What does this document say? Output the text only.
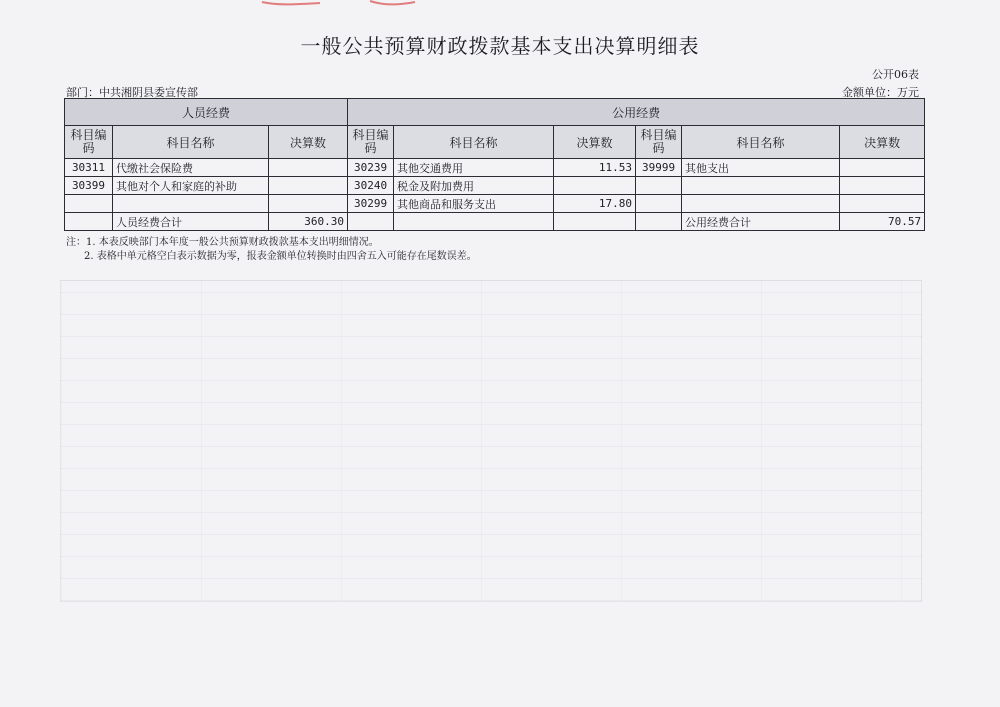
一般公共预算财政拨款基本支出决算明细表
公开06表
部门：中共湘阴县委宣传部	金额单位：万元
人员经费			公用经费					
科目编码	科目名称	决算数	科目编码	科目名称	决算数	科目编码	科目名称	决算数
30311	代缴社会保险费		30239	其他交通费用	11.53	39999	其他支出	
30399	其他对个人和家庭的补助		30240	税金及附加费用				
			30299	其他商品和服务支出	17.80			
	人员经费合计	360.30					公用经费合计	70.57
注：1. 本表反映部门本年度一般公共预算财政拨款基本支出明细情况。
2. 表格中单元格空白表示数据为零，报表金额单位转换时由四舍五入可能存在尾数误差。
